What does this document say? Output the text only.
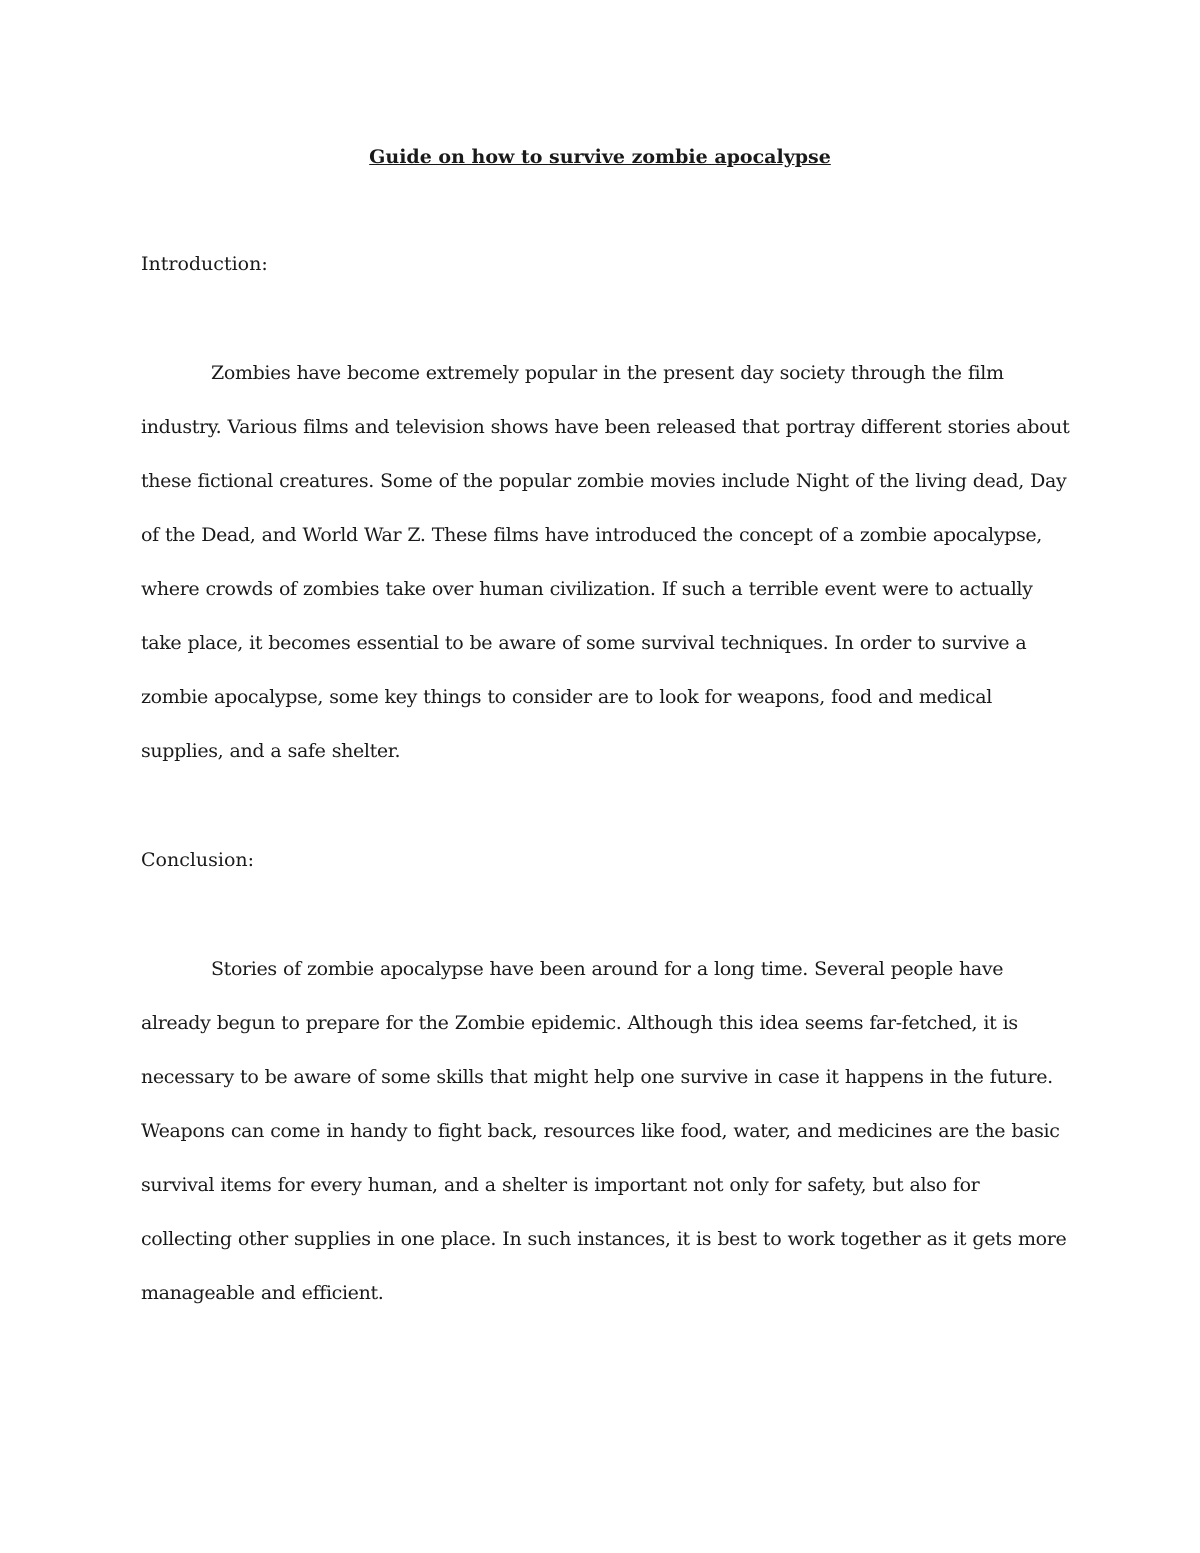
Guide on how to survive zombie apocalypse
Introduction:

Zombies have become extremely popular in the present day society through the film industry. Various films and television shows have been released that portray different stories about these fictional creatures. Some of the popular zombie movies include Night of the living dead, Day of the Dead, and World War Z. These films have introduced the concept of a zombie apocalypse, where crowds of zombies take over human civilization. If such a terrible event were to actually take place, it becomes essential to be aware of some survival techniques. In order to survive a zombie apocalypse, some key things to consider are to look for weapons, food and medical supplies, and a safe shelter.

Conclusion:

Stories of zombie apocalypse have been around for a long time. Several people have already begun to prepare for the Zombie epidemic. Although this idea seems far-fetched, it is necessary to be aware of some skills that might help one survive in case it happens in the future. Weapons can come in handy to fight back, resources like food, water, and medicines are the basic survival items for every human, and a shelter is important not only for safety, but also for collecting other supplies in one place. In such instances, it is best to work together as it gets more manageable and efficient.
